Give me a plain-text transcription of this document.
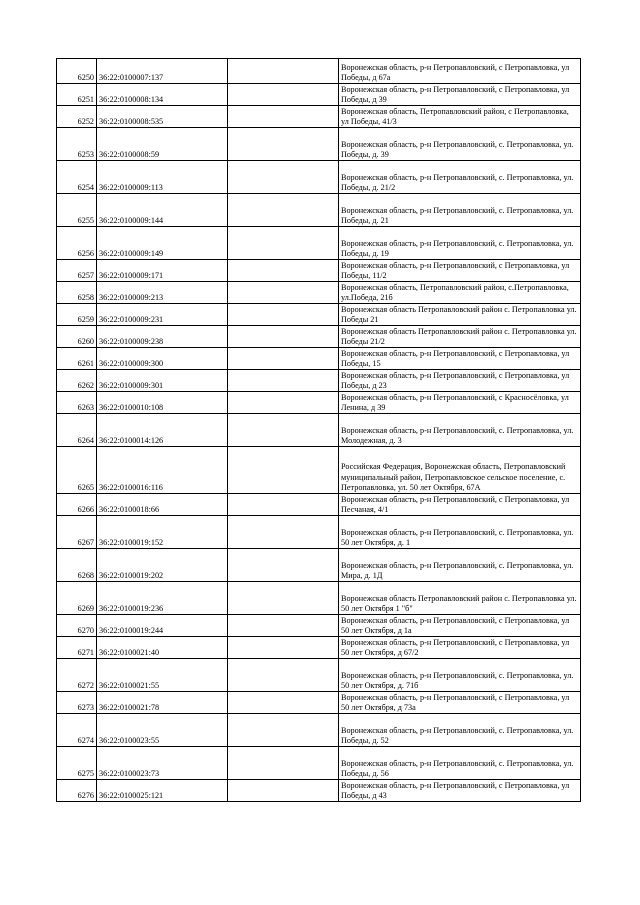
6250	36:22:0100007:137		Воронежская область, р-н Петропавловский, с Петропавловка, ул Победы, д 67а
6251	36:22:0100008:134		Воронежская область, р-н Петропавловский, с Петропавловка, ул Победы, д 39
6252	36:22:0100008:535		Воронежская область, Петропавловский район, с Петропавловка, ул Победы, 41/3
6253	36:22:0100008:59		Воронежская область, р-н Петропавловский, с. Петропавловка, ул. Победы, д. 39
6254	36:22:0100009:113		Воронежская область, р-н Петропавловский, с. Петропавловка, ул. Победы, д. 21/2
6255	36:22:0100009:144		Воронежская область, р-н Петропавловский, с. Петропавловка, ул. Победы, д. 21
6256	36:22:0100009:149		Воронежская область, р-н Петропавловский, с. Петропавловка, ул. Победы, д. 19
6257	36:22:0100009:171		Воронежская область, р-н Петропавловский, с Петропавловка, ул Победы, 11/2
6258	36:22:0100009:213		Воронежская область, Петропавловский район, с.Петропавловка, ул.Победа, 21б
6259	36:22:0100009:231		Воронежская область Петропавловский район с. Петропавловка ул. Победы 21
6260	36:22:0100009:238		Воронежская область Петропавловский район с. Петропавловка ул. Победы 21/2
6261	36:22:0100009:300		Воронежская область, р-н Петропавловский, с Петропавловка, ул Победы, 15
6262	36:22:0100009:301		Воронежская область, р-н Петропавловский, с Петропавловка, ул Победы, д 23
6263	36:22:0100010:108		Воронежская область, р-н Петропавловский, с Красносёловка, ул Ленина, д 39
6264	36:22:0100014:126		Воронежская область, р-н Петропавловский, с. Петропавловка, ул. Молодежная, д. 3
6265	36:22:0100016:116		Российская Федерация, Воронежская область, Петропавловский муниципальный район, Петропавловское сельское поселение, с. Петропавловка, ул. 50 лет Октября, 67А
6266	36:22:0100018:66		Воронежская область, р-н Петропавловский, с Петропавловка, ул Песчаная, 4/1
6267	36:22:0100019:152		Воронежская область, р-н Петропавловский, с. Петропавловка, ул. 50 лет Октября, д. 1
6268	36:22:0100019:202		Воронежская область, р-н Петропавловский, с. Петропавловка, ул. Мира, д. 1Д
6269	36:22:0100019:236		Воронежская область Петропавловский район с. Петропавловка ул. 50 лет Октября 1 "б"
6270	36:22:0100019:244		Воронежская область, р-н Петропавловский, с Петропавловка, ул 50 лет Октября, д 1а
6271	36:22:0100021:40		Воронежская область, р-н Петропавловский, с Петропавловка, ул 50 лет Октября, д 67/2
6272	36:22:0100021:55		Воронежская область, р-н Петропавловский, с. Петропавловка, ул. 50 лет Октября, д. 71б
6273	36:22:0100021:78		Воронежская область, р-н Петропавловский, с Петропавловка, ул 50 лет Октября, д 73а
6274	36:22:0100023:55		Воронежская область, р-н Петропавловский, с. Петропавловка, ул. Победы, д. 52
6275	36:22:0100023:73		Воронежская область, р-н Петропавловский, с. Петропавловка, ул. Победы, д. 56
6276	36:22:0100025:121		Воронежская область, р-н Петропавловский, с Петропавловка, ул Победы, д 43
